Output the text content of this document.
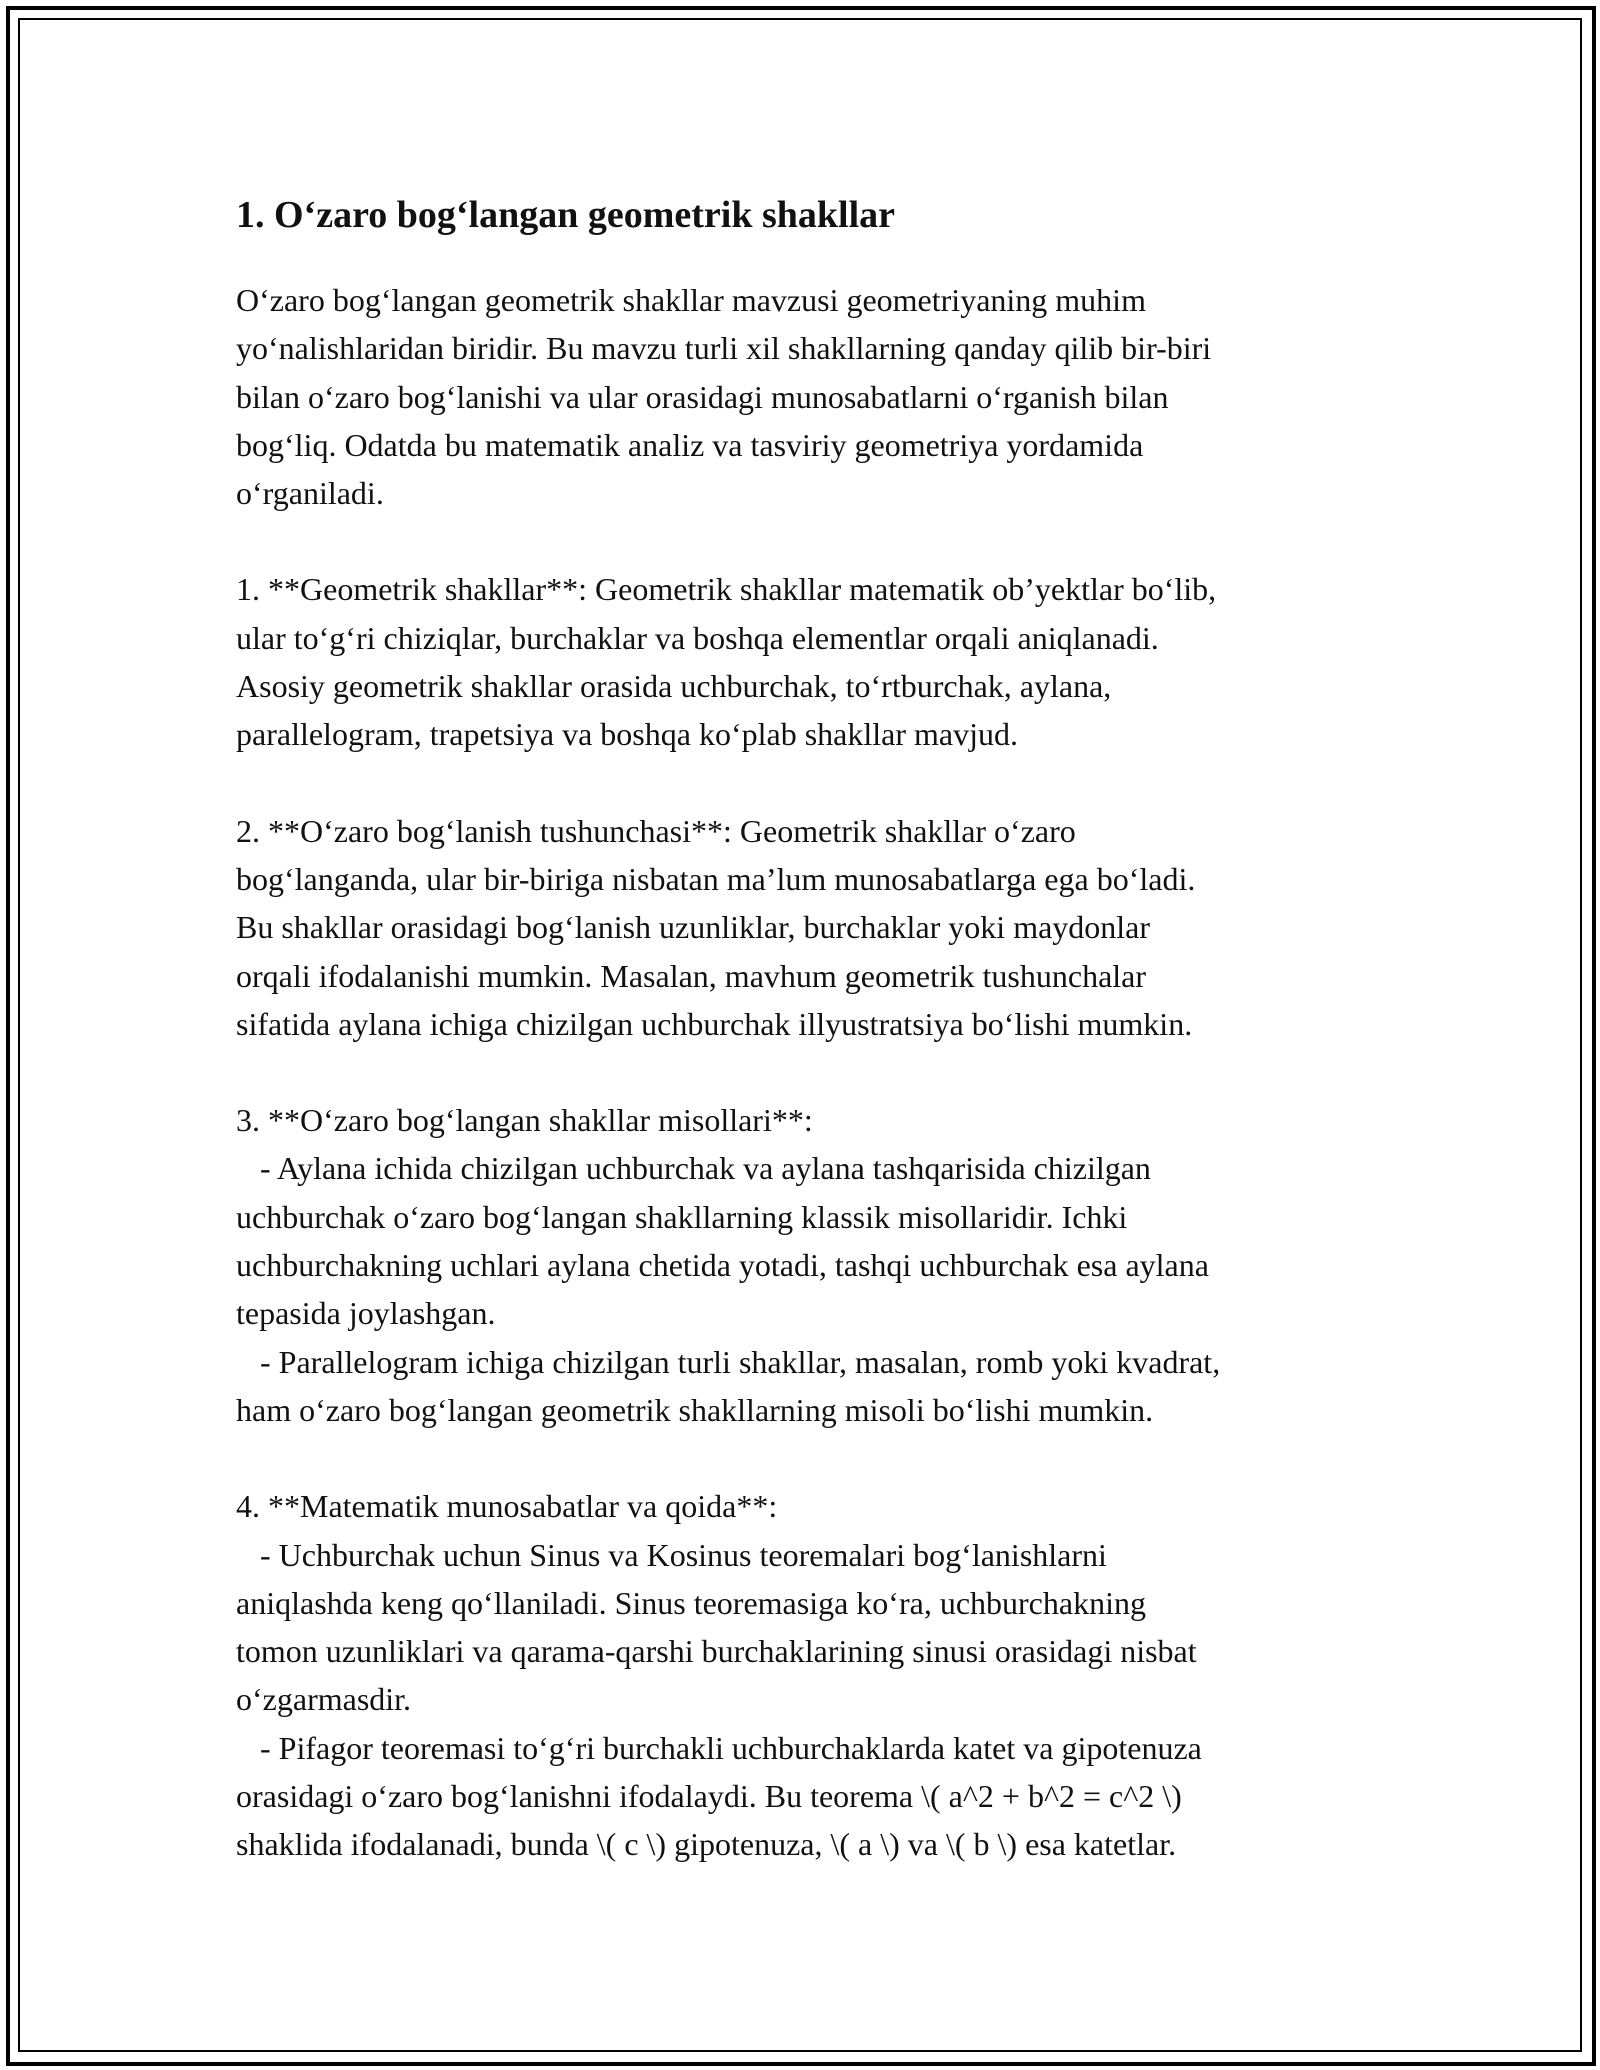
1. O‘zaro bog‘langan geometrik shakllar

O‘zaro bog‘langan geometrik shakllar mavzusi geometriyaning muhim
yo‘nalishlaridan biridir. Bu mavzu turli xil shakllarning qanday qilib bir-biri
bilan o‘zaro bog‘lanishi va ular orasidagi munosabatlarni o‘rganish bilan
bog‘liq. Odatda bu matematik analiz va tasviriy geometriya yordamida
o‘rganiladi.

1. **Geometrik shakllar**: Geometrik shakllar matematik ob’yektlar bo‘lib,
ular to‘g‘ri chiziqlar, burchaklar va boshqa elementlar orqali aniqlanadi.
Asosiy geometrik shakllar orasida uchburchak, to‘rtburchak, aylana,
parallelogram, trapetsiya va boshqa ko‘plab shakllar mavjud.

2. **O‘zaro bog‘lanish tushunchasi**: Geometrik shakllar o‘zaro
bog‘langanda, ular bir-biriga nisbatan ma’lum munosabatlarga ega bo‘ladi.
Bu shakllar orasidagi bog‘lanish uzunliklar, burchaklar yoki maydonlar
orqali ifodalanishi mumkin. Masalan, mavhum geometrik tushunchalar
sifatida aylana ichiga chizilgan uchburchak illyustratsiya bo‘lishi mumkin.

3. **O‘zaro bog‘langan shakllar misollari**:
- Aylana ichida chizilgan uchburchak va aylana tashqarisida chizilgan
uchburchak o‘zaro bog‘langan shakllarning klassik misollaridir. Ichki
uchburchakning uchlari aylana chetida yotadi, tashqi uchburchak esa aylana
tepasida joylashgan.
- Parallelogram ichiga chizilgan turli shakllar, masalan, romb yoki kvadrat,
ham o‘zaro bog‘langan geometrik shakllarning misoli bo‘lishi mumkin.

4. **Matematik munosabatlar va qoida**:
- Uchburchak uchun Sinus va Kosinus teoremalari bog‘lanishlarni
aniqlashda keng qo‘llaniladi. Sinus teoremasiga ko‘ra, uchburchakning
tomon uzunliklari va qarama-qarshi burchaklarining sinusi orasidagi nisbat
o‘zgarmasdir.
- Pifagor teoremasi to‘g‘ri burchakli uchburchaklarda katet va gipotenuza
orasidagi o‘zaro bog‘lanishni ifodalaydi. Bu teorema \( a^2 + b^2 = c^2 \)
shaklida ifodalanadi, bunda \( c \) gipotenuza, \( a \) va \( b \) esa katetlar.
